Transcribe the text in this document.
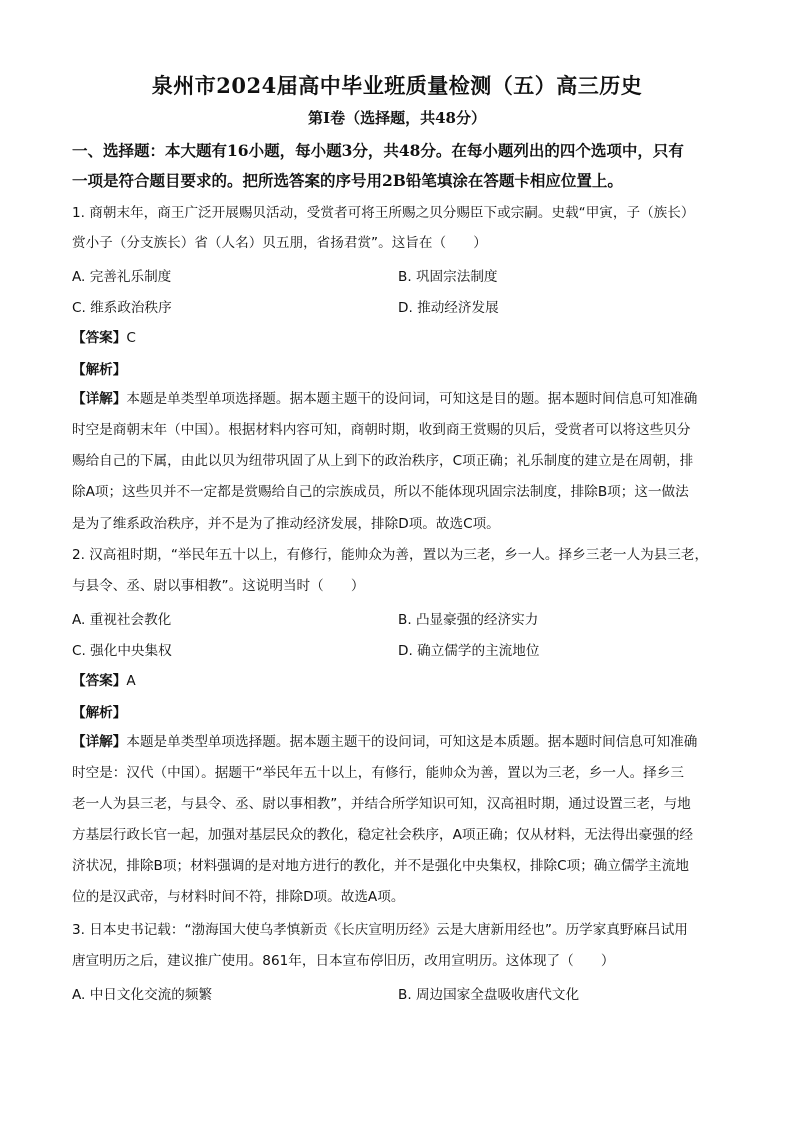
泉州市2024届高中毕业班质量检测（五）高三历史
第Ⅰ卷（选择题，共48分）
一、选择题：本大题有16小题，每小题3分，共48分。在每小题列出的四个选项中，只有
一项是符合题目要求的。把所选答案的序号用2B铅笔填涂在答题卡相应位置上。
1. 商朝末年，商王广泛开展赐贝活动，受赏者可将王所赐之贝分赐臣下或宗嗣。史载“甲寅，子（族长）
赏小子（分支族长）省（人名）贝五朋，省扬君赏”。这旨在（　　）
A. 完善礼乐制度	B. 巩固宗法制度
C. 维系政治秩序	D. 推动经济发展
【答案】C
【解析】
【详解】本题是单类型单项选择题。据本题主题干的设问词，可知这是目的题。据本题时间信息可知准确
时空是商朝末年（中国）。根据材料内容可知，商朝时期，收到商王赏赐的贝后，受赏者可以将这些贝分
赐给自己的下属，由此以贝为纽带巩固了从上到下的政治秩序，C项正确；礼乐制度的建立是在周朝，排
除A项；这些贝并不一定都是赏赐给自己的宗族成员，所以不能体现巩固宗法制度，排除B项；这一做法
是为了维系政治秩序，并不是为了推动经济发展，排除D项。故选C项。
2. 汉高祖时期，“举民年五十以上，有修行，能帅众为善，置以为三老，乡一人。择乡三老一人为县三老，
与县令、丞、尉以事相教”。这说明当时（　　）
A. 重视社会教化	B. 凸显豪强的经济实力
C. 强化中央集权	D. 确立儒学的主流地位
【答案】A
【解析】
【详解】本题是单类型单项选择题。据本题主题干的设问词，可知这是本质题。据本题时间信息可知准确
时空是：汉代（中国）。据题干“举民年五十以上，有修行，能帅众为善，置以为三老，乡一人。择乡三
老一人为县三老，与县令、丞、尉以事相教”，并结合所学知识可知，汉高祖时期，通过设置三老，与地
方基层行政长官一起，加强对基层民众的教化，稳定社会秩序，A项正确；仅从材料，无法得出豪强的经
济状况，排除B项；材料强调的是对地方进行的教化，并不是强化中央集权，排除C项；确立儒学主流地
位的是汉武帝，与材料时间不符，排除D项。故选A项。
3. 日本史书记载：“渤海国大使乌孝慎新贡《长庆宣明历经》云是大唐新用经也”。历学家真野麻吕试用
唐宣明历之后，建议推广使用。861年，日本宣布停旧历，改用宣明历。这体现了（　　）
A. 中日文化交流的频繁	B. 周边国家全盘吸收唐代文化
